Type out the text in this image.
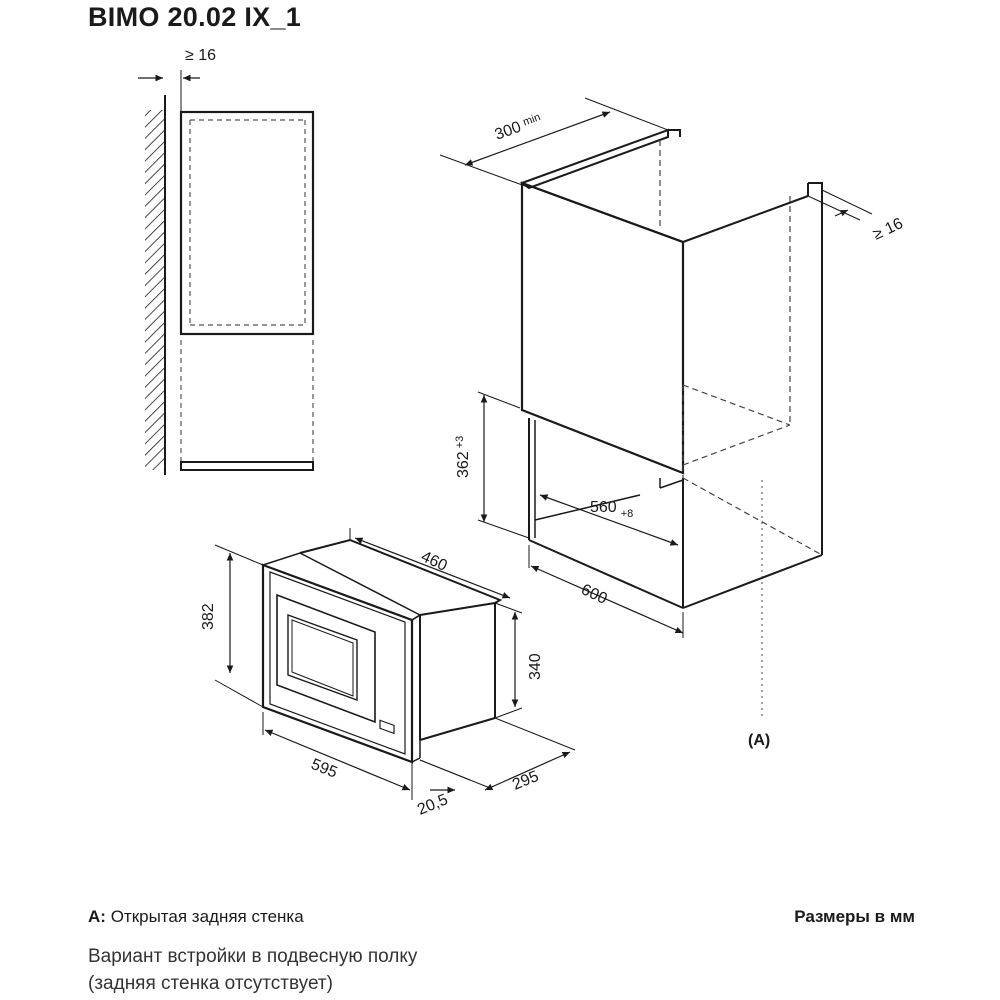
BIMO 20.02 IX_1
≥ 16
$300^{min}$
≥ 16
$362^{+3}$
560 $_{+8}$
600
(A)
460
382
340
595	295
20,5
A: Открытая задняя стенка	Размеры в мм
Вариант встройки в подвесную полку
(задняя стенка отсутствует)
